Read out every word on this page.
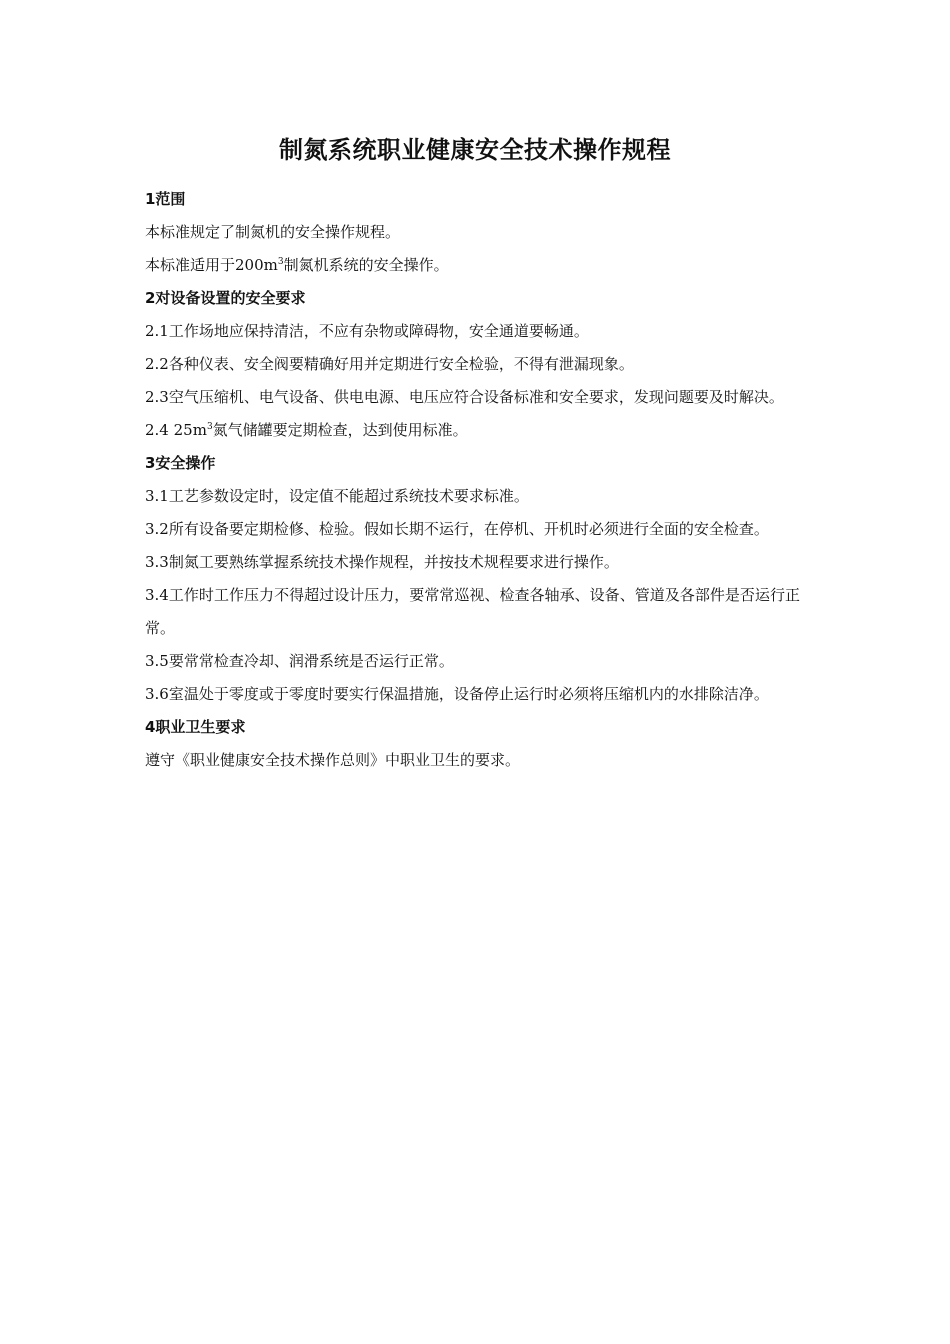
制氮系统职业健康安全技术操作规程
1范围
本标准规定了制氮机的安全操作规程。
本标准适用于$200m^3$制氮机系统的安全操作。
2对设备设置的安全要求
2.1工作场地应保持清洁，不应有杂物或障碍物，安全通道要畅通。
2.2各种仪表、安全阀要精确好用并定期进行安全检验，不得有泄漏现象。
2.3空气压缩机、电气设备、供电电源、电压应符合设备标准和安全要求，发现问题要及时解决。
2.4 $25m^3$氮气储罐要定期检查，达到使用标准。
3安全操作
3.1工艺参数设定时，设定值不能超过系统技术要求标准。
3.2所有设备要定期检修、检验。假如长期不运行，在停机、开机时必须进行全面的安全检查。
3.3制氮工要熟练掌握系统技术操作规程，并按技术规程要求进行操作。
3.4工作时工作压力不得超过设计压力，要常常巡视、检查各轴承、设备、管道及各部件是否运行正常。
3.5要常常检查冷却、润滑系统是否运行正常。
3.6室温处于零度或于零度时要实行保温措施，设备停止运行时必须将压缩机内的水排除洁净。
4职业卫生要求
遵守《职业健康安全技术操作总则》中职业卫生的要求。
